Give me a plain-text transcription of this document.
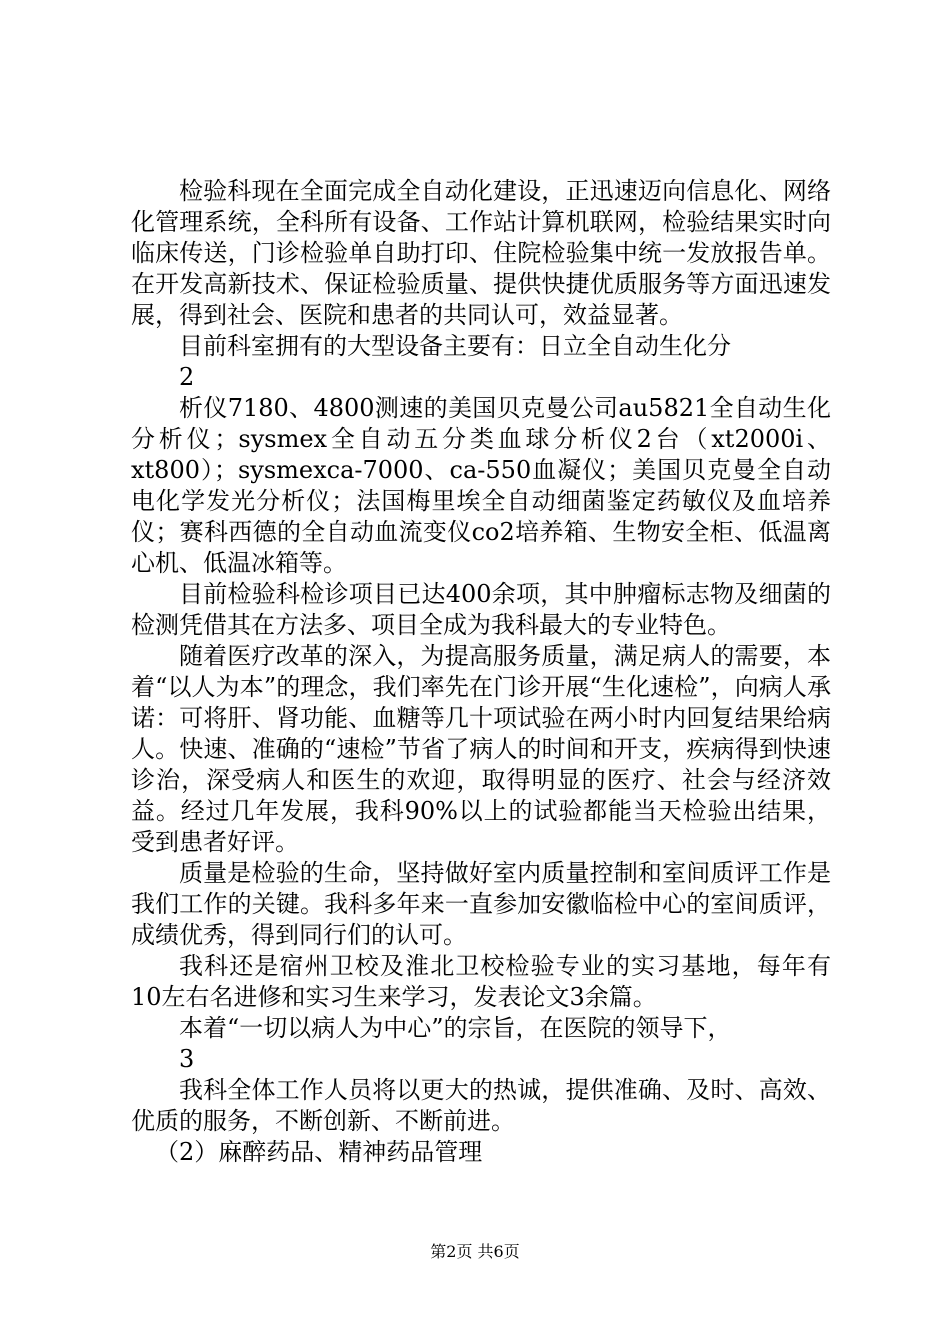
检验科现在全面完成全自动化建设，正迅速迈向信息化、网络化管理系统，全科所有设备、工作站计算机联网，检验结果实时向临床传送，门诊检验单自助打印、住院检验集中统一发放报告单。在开发高新技术、保证检验质量、提供快捷优质服务等方面迅速发展，得到社会、医院和患者的共同认可，效益显著。

目前科室拥有的大型设备主要有：日立全自动生化分

2

析仪7180、4800测速的美国贝克曼公司au5821全自动生化分析仪；sysmex全自动五分类血球分析仪2台（xt2000i、xt800）；sysmexca-7000、ca-550血凝仪；美国贝克曼全自动电化学发光分析仪；法国梅里埃全自动细菌鉴定药敏仪及血培养仪；赛科西德的全自动血流变仪co2培养箱、生物安全柜、低温离心机、低温冰箱等。

目前检验科检诊项目已达400余项，其中肿瘤标志物及细菌的检测凭借其在方法多、项目全成为我科最大的专业特色。

随着医疗改革的深入，为提高服务质量，满足病人的需要，本着“以人为本”的理念，我们率先在门诊开展“生化速检”，向病人承诺：可将肝、肾功能、血糖等几十项试验在两小时内回复结果给病人。快速、准确的“速检”节省了病人的时间和开支，疾病得到快速诊治，深受病人和医生的欢迎，取得明显的医疗、社会与经济效益。经过几年发展，我科90%以上的试验都能当天检验出结果，受到患者好评。

质量是检验的生命，坚持做好室内质量控制和室间质评工作是我们工作的关键。我科多年来一直参加安徽临检中心的室间质评，成绩优秀，得到同行们的认可。

我科还是宿州卫校及淮北卫校检验专业的实习基地，每年有10左右名进修和实习生来学习，发表论文3余篇。

本着“一切以病人为中心”的宗旨，在医院的领导下，

3

我科全体工作人员将以更大的热诚，提供准确、及时、高效、优质的服务，不断创新、不断前进。

（2）麻醉药品、精神药品管理

第2页 共6页
